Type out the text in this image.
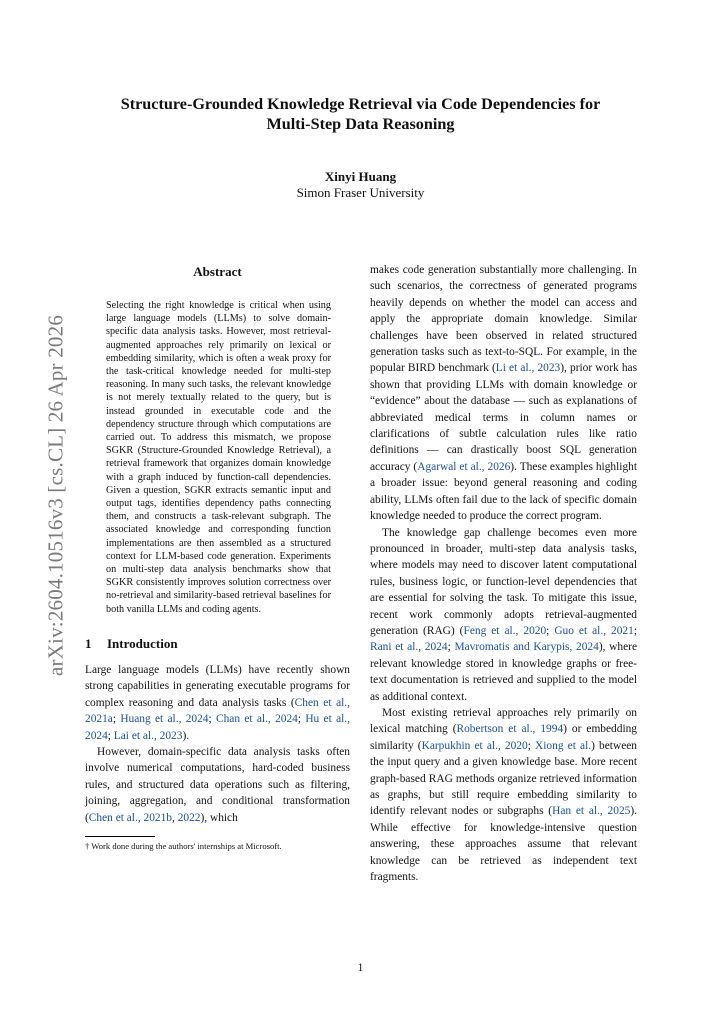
Structure-Grounded Knowledge Retrieval via Code Dependencies for
Multi-Step Data Reasoning
Xinyi Huang
Simon Fraser University
arXiv:2604.10516v3 [cs.CL] 26 Apr 2026
Abstract

Selecting the right knowledge is critical when using large language models (LLMs) to solve domain-specific data analysis tasks. However, most retrieval-augmented approaches rely primarily on lexical or embedding similarity, which is often a weak proxy for the task-critical knowledge needed for multi-step reasoning. In many such tasks, the relevant knowledge is not merely textually related to the query, but is instead grounded in executable code and the dependency structure through which computations are carried out. To address this mismatch, we propose SGKR (Structure-Grounded Knowledge Retrieval), a retrieval framework that organizes domain knowledge with a graph induced by function-call dependencies. Given a question, SGKR extracts semantic input and output tags, identifies dependency paths connecting them, and constructs a task-relevant subgraph. The associated knowledge and corresponding function implementations are then assembled as a structured context for LLM-based code generation. Experiments on multi-step data analysis benchmarks show that SGKR consistently improves solution correctness over no-retrieval and similarity-based retrieval baselines for both vanilla LLMs and coding agents.

1 Introduction

Large language models (LLMs) have recently shown strong capabilities in generating executable programs for complex reasoning and data analysis tasks (Chen et al., 2021a; Huang et al., 2024; Chan et al., 2024; Hu et al., 2024; Lai et al., 2023).

However, domain-specific data analysis tasks often involve numerical computations, hard-coded business rules, and structured data operations such as filtering, joining, aggregation, and conditional transformation (Chen et al., 2021b, 2022), which

† Work done during the authors' internships at Microsoft.

makes code generation substantially more challenging. In such scenarios, the correctness of generated programs heavily depends on whether the model can access and apply the appropriate domain knowledge. Similar challenges have been observed in related structured generation tasks such as text-to-SQL. For example, in the popular BIRD benchmark (Li et al., 2023), prior work has shown that providing LLMs with domain knowledge or “evidence” about the database — such as explanations of abbreviated medical terms in column names or clarifications of subtle calculation rules like ratio definitions — can drastically boost SQL generation accuracy (Agarwal et al., 2026). These examples highlight a broader issue: beyond general reasoning and coding ability, LLMs often fail due to the lack of specific domain knowledge needed to produce the correct program.

The knowledge gap challenge becomes even more pronounced in broader, multi-step data analysis tasks, where models may need to discover latent computational rules, business logic, or function-level dependencies that are essential for solving the task. To mitigate this issue, recent work commonly adopts retrieval-augmented generation (RAG) (Feng et al., 2020; Guo et al., 2021; Rani et al., 2024; Mavromatis and Karypis, 2024), where relevant knowledge stored in knowledge graphs or free-text documentation is retrieved and supplied to the model as additional context.

Most existing retrieval approaches rely primarily on lexical matching (Robertson et al., 1994) or embedding similarity (Karpukhin et al., 2020; Xiong et al.) between the input query and a given knowledge base. More recent graph-based RAG methods organize retrieved information as graphs, but still require embedding similarity to identify relevant nodes or subgraphs (Han et al., 2025). While effective for knowledge-intensive question answering, these approaches assume that relevant knowledge can be retrieved as independent text fragments.

1
